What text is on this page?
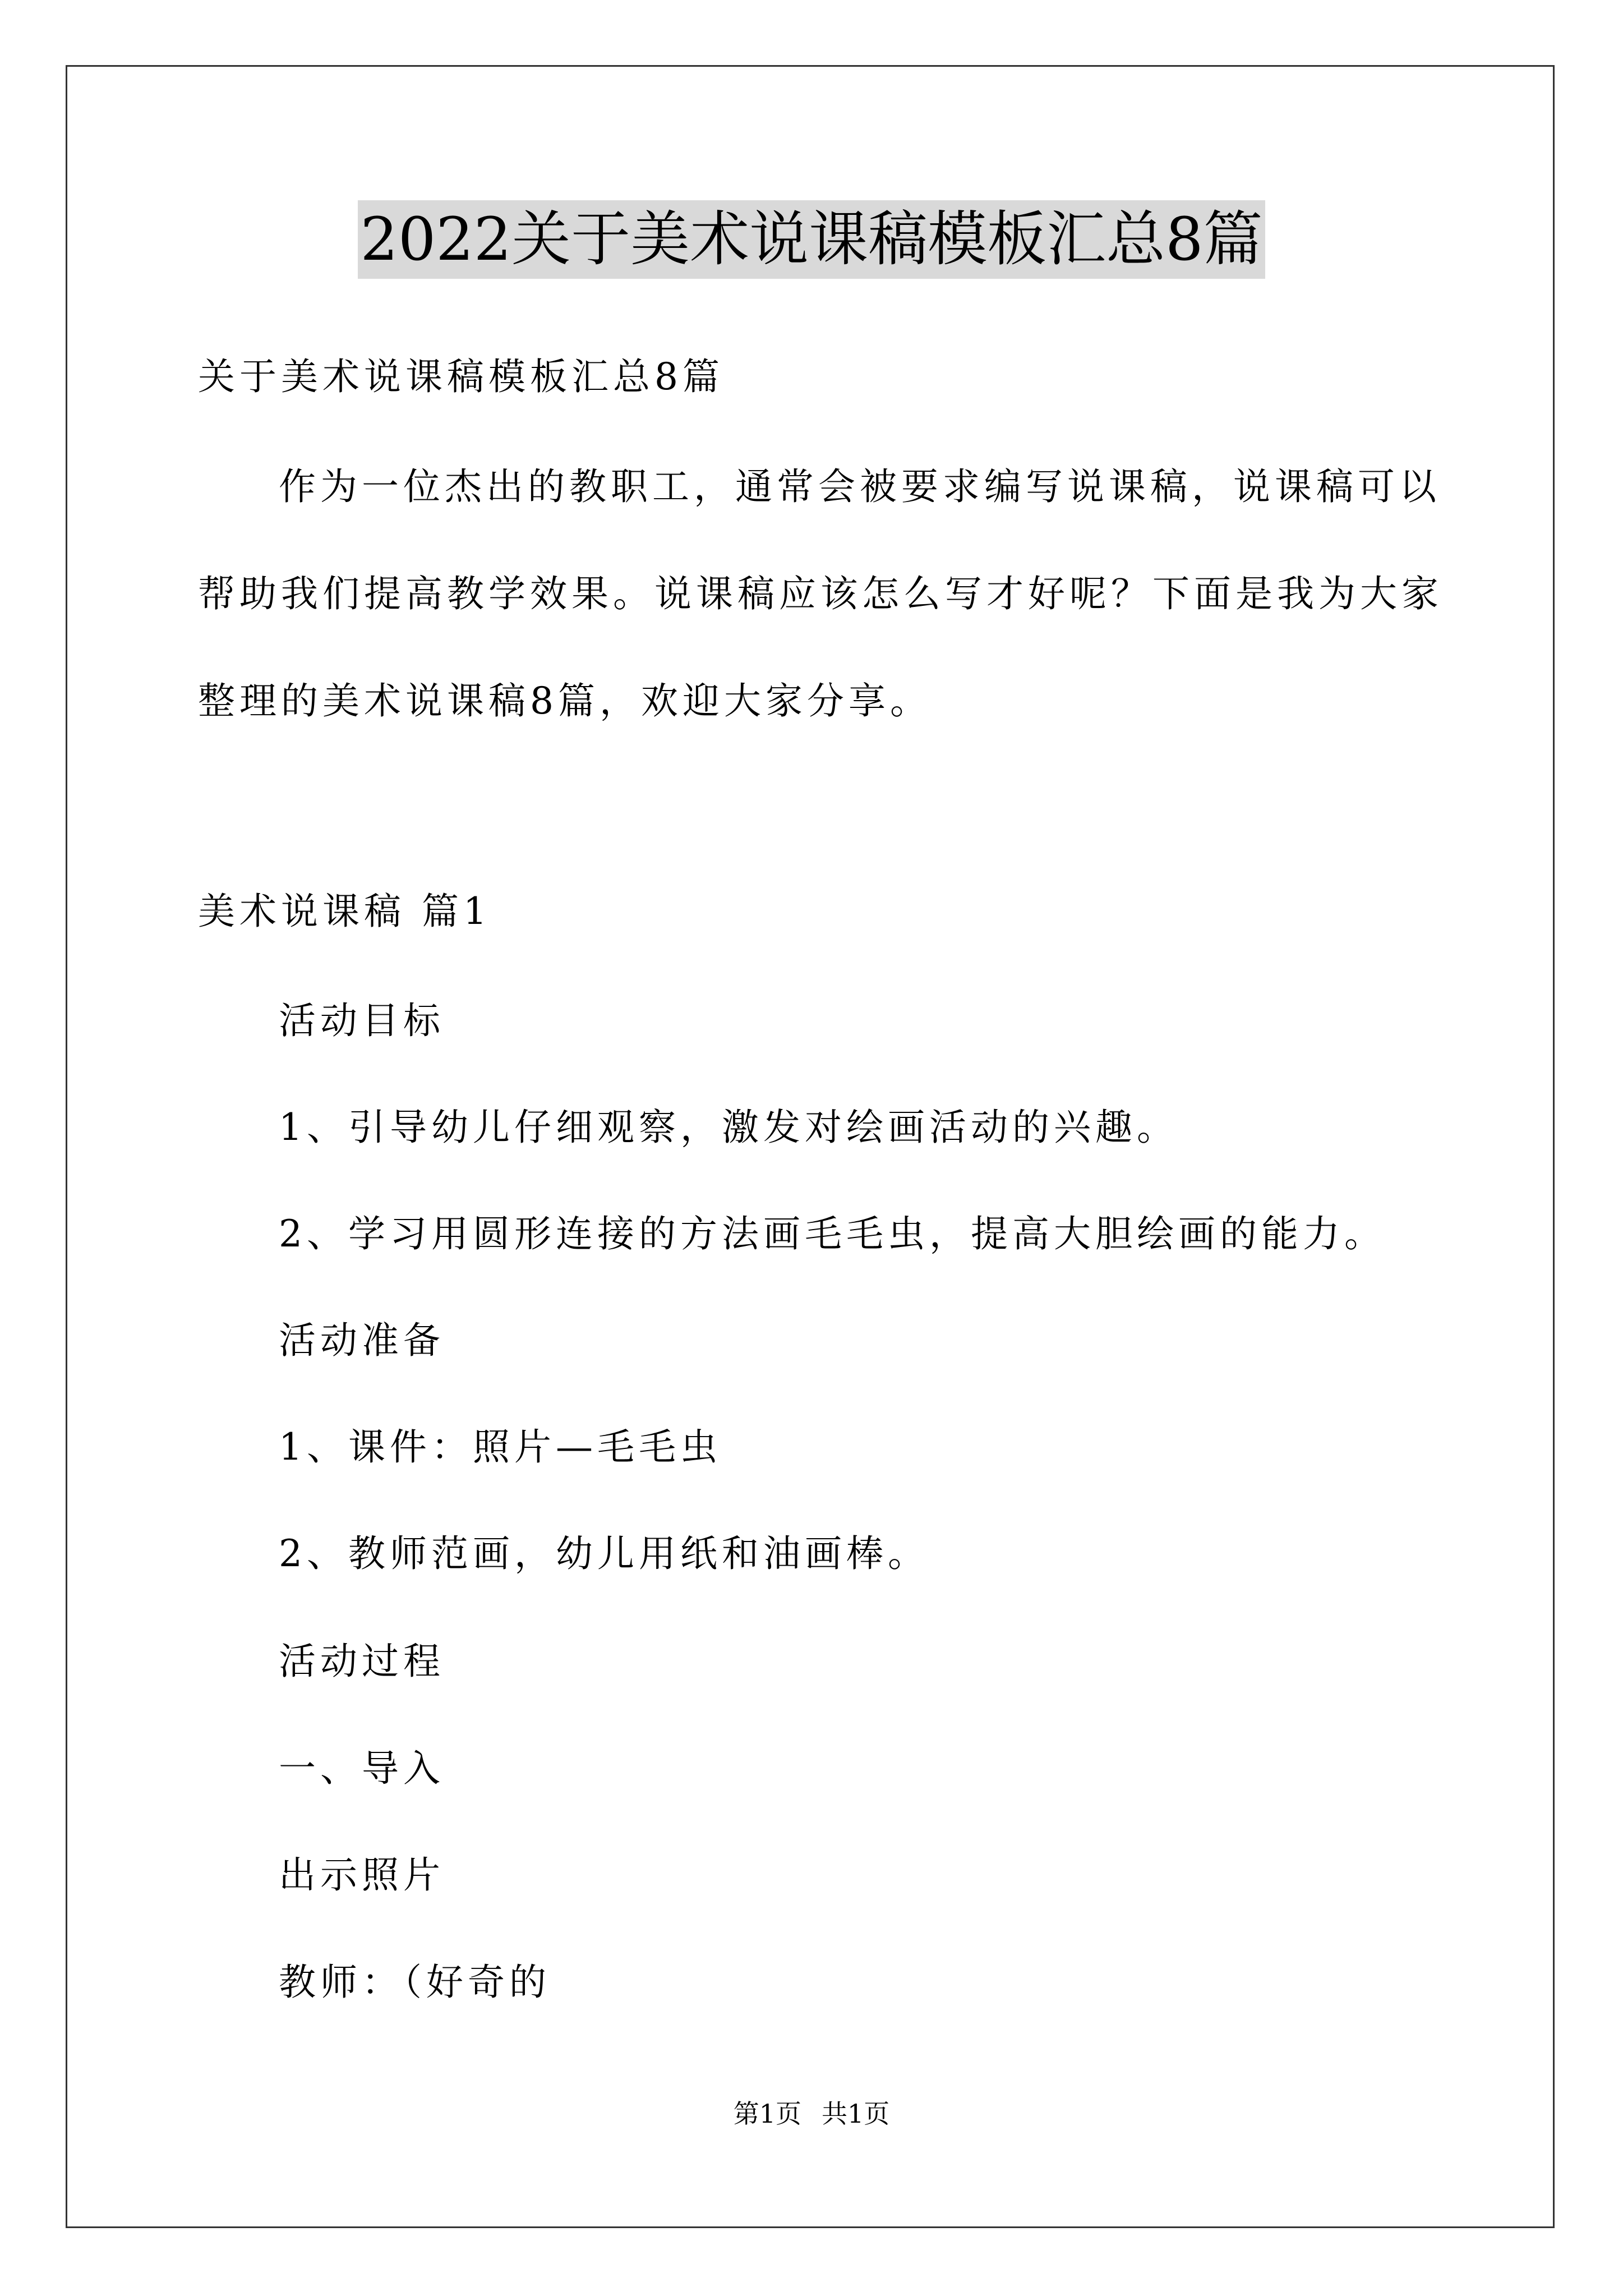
2022关于美术说课稿模板汇总8篇
关于美术说课稿模板汇总8篇
作为一位杰出的教职工，通常会被要求编写说课稿，说课稿可以
帮助我们提高教学效果。说课稿应该怎么写才好呢？下面是我为大家
整理的美术说课稿8篇，欢迎大家分享。
美术说课稿 篇1
活动目标
1、引导幼儿仔细观察，激发对绘画活动的兴趣。
2、学习用圆形连接的方法画毛毛虫，提高大胆绘画的能力。
活动准备
1、课件：照片—毛毛虫
2、教师范画，幼儿用纸和油画棒。
活动过程
一、导入
出示照片
教师：（好奇的
第1页 共1页
